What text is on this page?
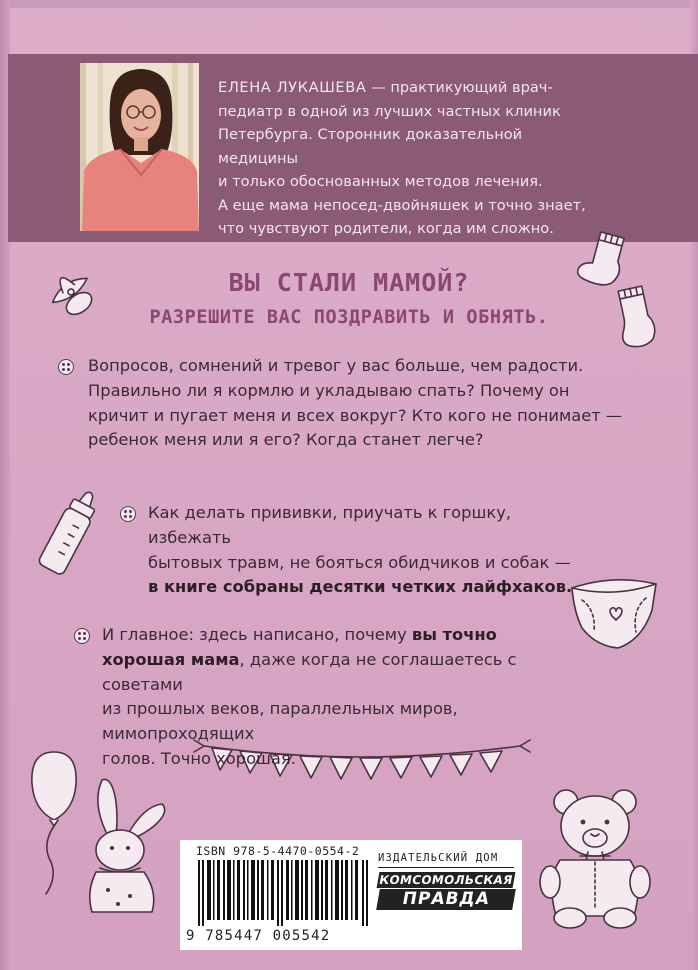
ЕЛЕНА ЛУКАШЕВА — практикующий врач-
педиатр в одной из лучших частных клиник
Петербурга. Сторонник доказательной медицины
и только обоснованных методов лечения.
А еще мама непосед-двойняшек и точно знает,
что чувствуют родители, когда им сложно.
ВЫ СТАЛИ МАМОЙ?
РАЗРЕШИТЕ ВАС ПОЗДРАВИТЬ И ОБНЯТЬ.
Вопросов, сомнений и тревог у вас больше, чем радости.
Правильно ли я кормлю и укладываю спать? Почему он
кричит и пугает меня и всех вокруг? Кто кого не понимает —
ребенок меня или я его? Когда станет легче?
Как делать прививки, приучать к горшку, избежать
бытовых травм, не бояться обидчиков и собак —
в книге собраны десятки четких лайфхаков.
И главное: здесь написано, почему вы точно
хорошая мама, даже когда не соглашаетесь с советами
из прошлых веков, параллельных миров, мимопроходящих
голов. Точно хорошая.
ISBN 978-5-4470-0554-2
9 785447 005542
ИЗДАТЕЛЬСКИЙ ДОМ
КОМСОМОЛЬСКАЯ
ПРАВДА
